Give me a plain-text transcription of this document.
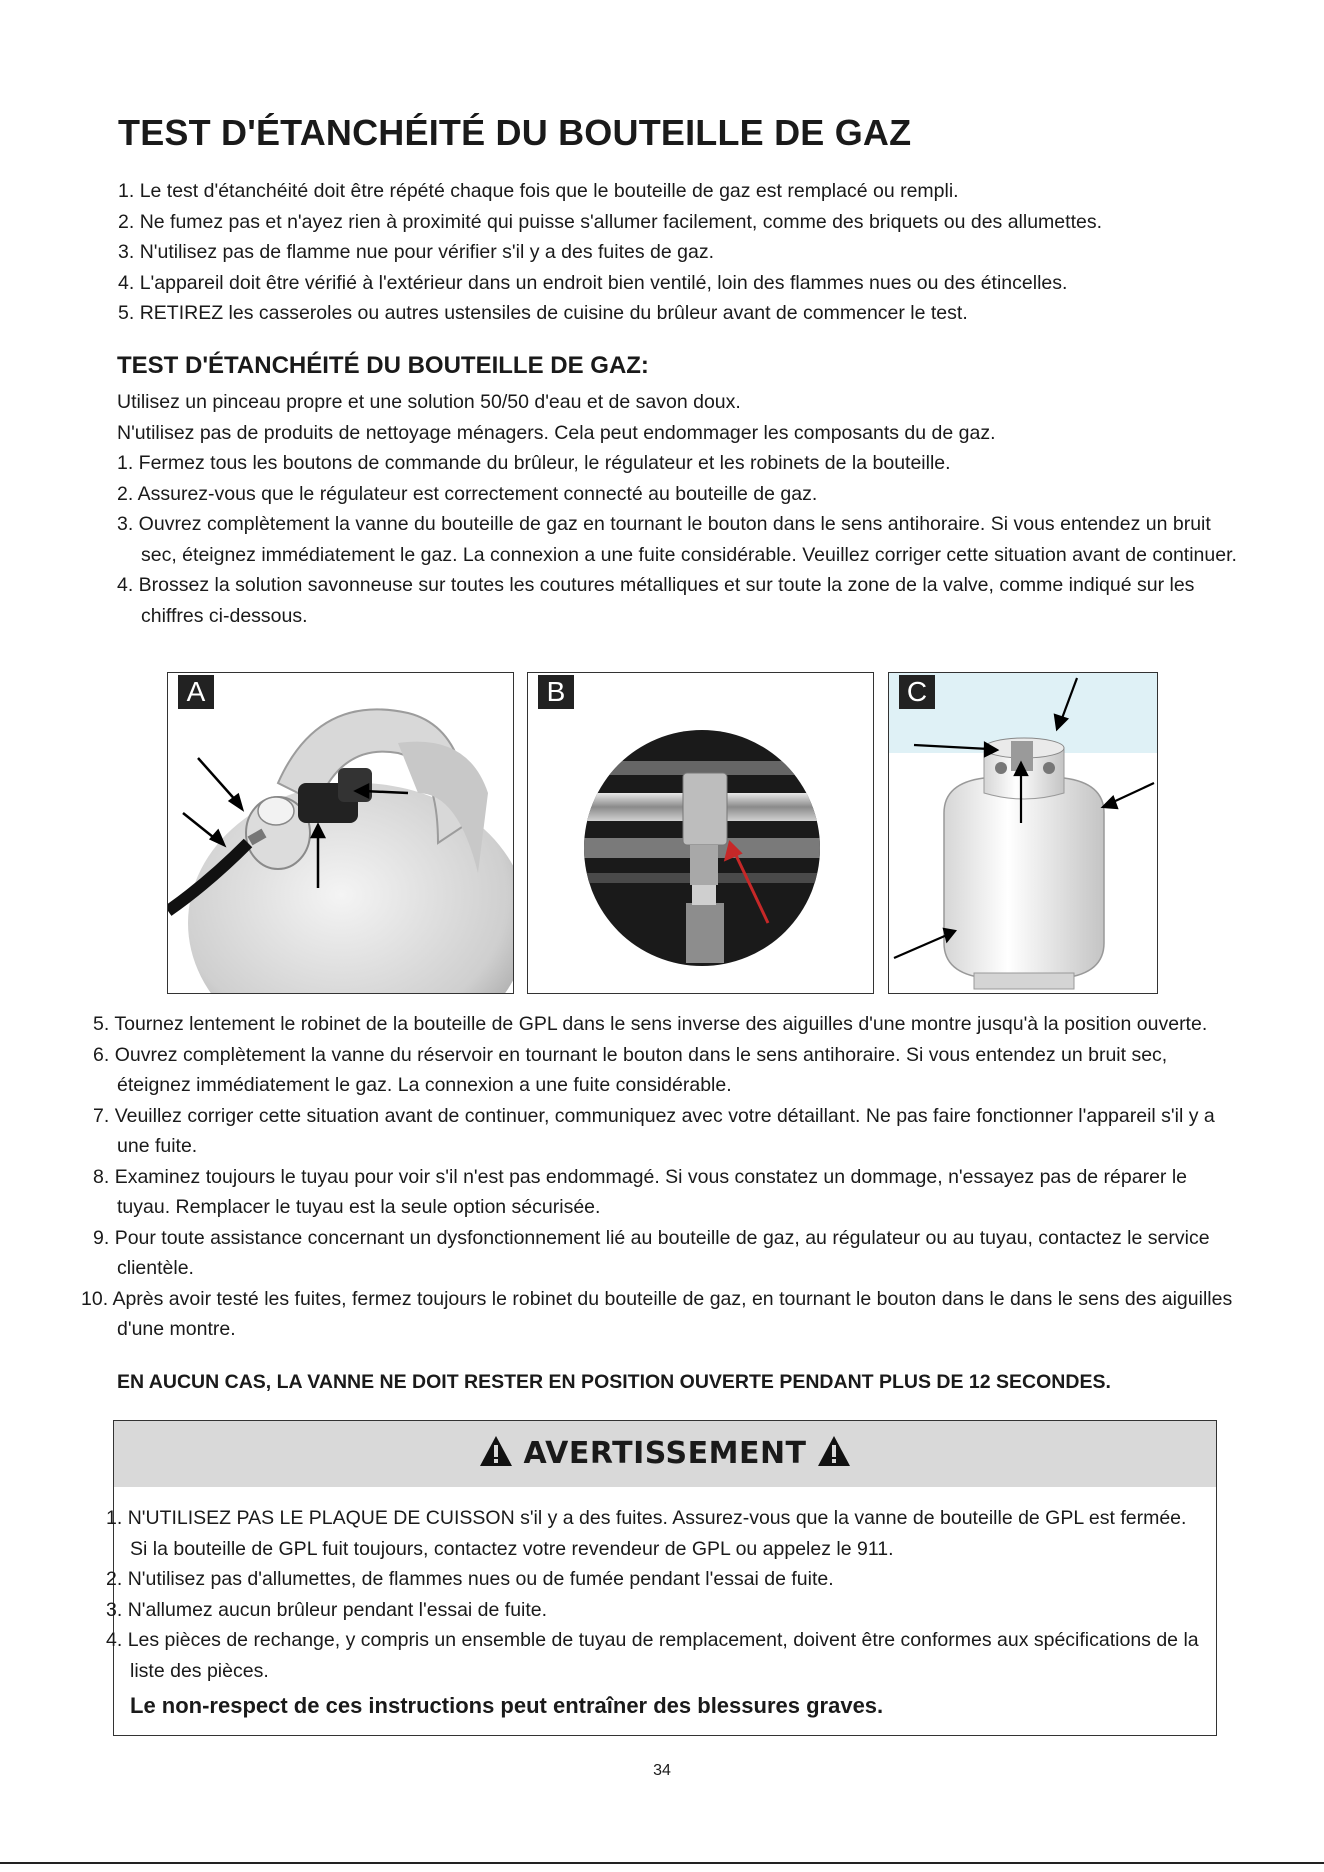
TEST D'ÉTANCHÉITÉ DU BOUTEILLE DE GAZ
1. Le test d'étanchéité doit être répété chaque fois que le bouteille de gaz est remplacé ou rempli.
2. Ne fumez pas et n'ayez rien à proximité qui puisse s'allumer facilement, comme des briquets ou des allumettes.
3. N'utilisez pas de flamme nue pour vérifier s'il y a des fuites de gaz.
4. L'appareil doit être vérifié à l'extérieur dans un endroit bien ventilé, loin des flammes nues ou des étincelles.
5. RETIREZ les casseroles ou autres ustensiles de cuisine du brûleur avant de commencer le test.
TEST D'ÉTANCHÉITÉ DU BOUTEILLE DE GAZ:
Utilisez un pinceau propre et une solution 50/50 d'eau et de savon doux.
N'utilisez pas de produits de nettoyage ménagers. Cela peut endommager les composants du de gaz.
1. Fermez tous les boutons de commande du brûleur, le régulateur et les robinets de la bouteille.
2. Assurez-vous que le régulateur est correctement connecté au bouteille de gaz.
3. Ouvrez complètement la vanne du bouteille de gaz en tournant le bouton dans le sens antihoraire. Si vous entendez un bruit sec, éteignez immédiatement le gaz. La connexion a une fuite considérable. Veuillez corriger cette situation avant de continuer.
4. Brossez la solution savonneuse sur toutes les coutures métalliques et sur toute la zone de la valve, comme indiqué sur les chiffres ci-dessous.
A	B	C
5. Tournez lentement le robinet de la bouteille de GPL dans le sens inverse des aiguilles d'une montre jusqu'à la position ouverte.
6. Ouvrez complètement la vanne du réservoir en tournant le bouton dans le sens antihoraire. Si vous entendez un bruit sec, éteignez immédiatement le gaz. La connexion a une fuite considérable.
7. Veuillez corriger cette situation avant de continuer, communiquez avec votre détaillant. Ne pas faire fonctionner l'appareil s'il y a une fuite.
8. Examinez toujours le tuyau pour voir s'il n'est pas endommagé. Si vous constatez un dommage, n'essayez pas de réparer le tuyau. Remplacer le tuyau est la seule option sécurisée.
9. Pour toute assistance concernant un dysfonctionnement lié au bouteille de gaz, au régulateur ou au tuyau, contactez le service clientèle.
10. Après avoir testé les fuites, fermez toujours le robinet du bouteille de gaz, en tournant le bouton dans le dans le sens des aiguilles d'une montre.
EN AUCUN CAS, LA VANNE NE DOIT RESTER EN POSITION OUVERTE PENDANT PLUS DE 12 SECONDES.
AVERTISSEMENT
1. N'UTILISEZ PAS LE PLAQUE DE CUISSON s'il y a des fuites. Assurez-vous que la vanne de bouteille de GPL est fermée. Si la bouteille de GPL fuit toujours, contactez votre revendeur de GPL ou appelez le 911.
2. N'utilisez pas d'allumettes, de flammes nues ou de fumée pendant l'essai de fuite.
3. N'allumez aucun brûleur pendant l'essai de fuite.
4. Les pièces de rechange, y compris un ensemble de tuyau de remplacement, doivent être conformes aux spécifications de la liste des pièces.
Le non-respect de ces instructions peut entraîner des blessures graves.
34
